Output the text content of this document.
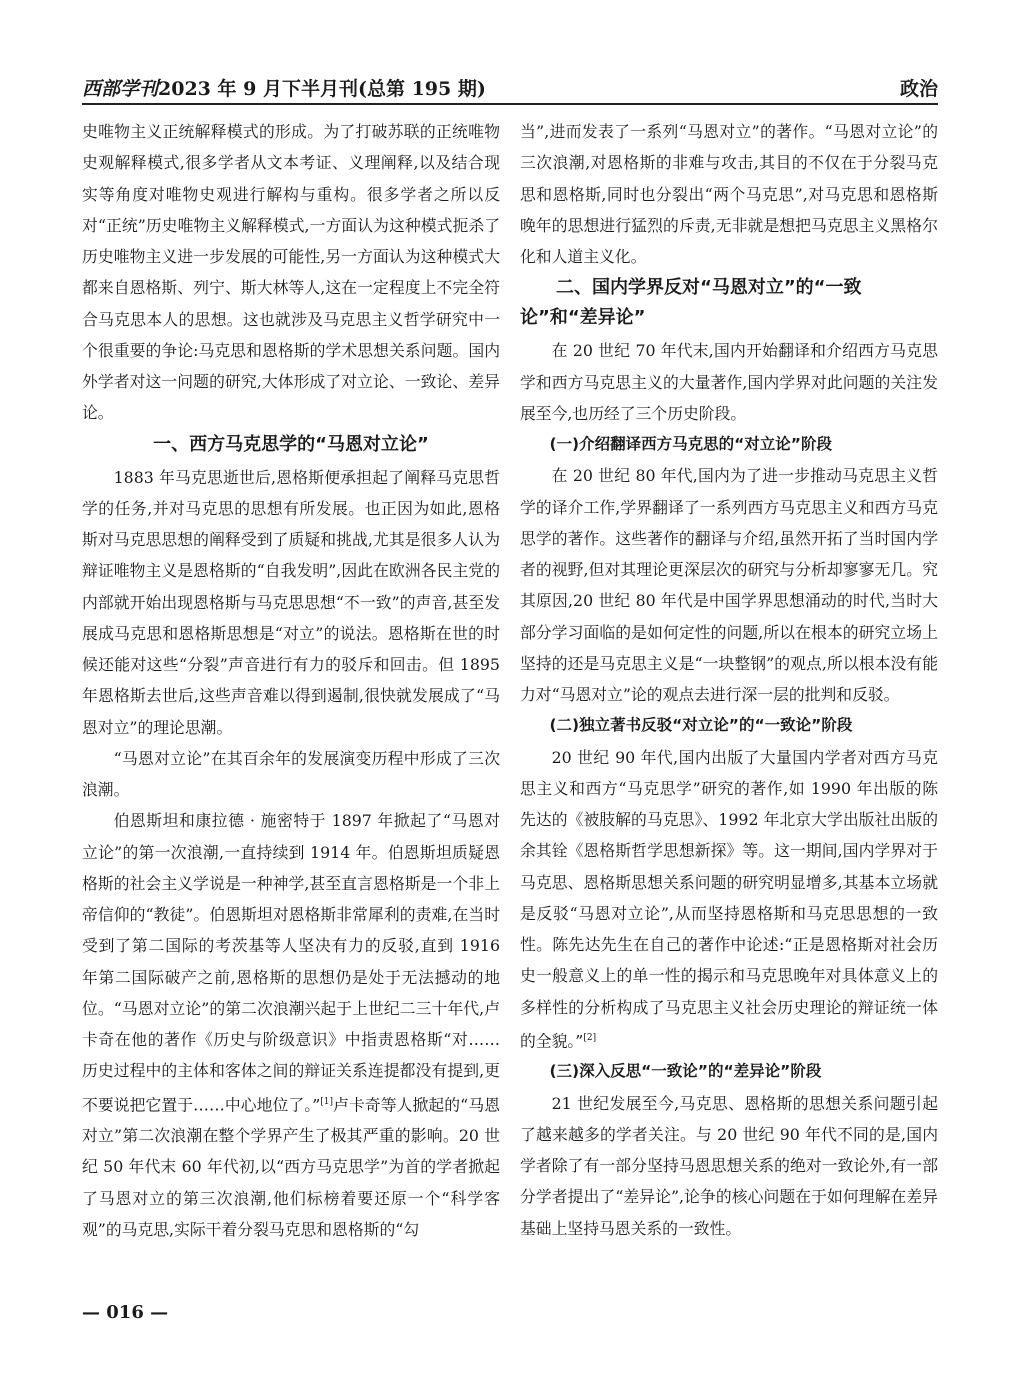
西部学刊2023 年 9 月下半月刊(总第 195 期)	政治

史唯物主义正统解释模式的形成。为了打破苏联的正统唯物史观解释模式,很多学者从文本考证、义理阐释,以及结合现实等角度对唯物史观进行解构与重构。很多学者之所以反对“正统”历史唯物主义解释模式,一方面认为这种模式扼杀了历史唯物主义进一步发展的可能性,另一方面认为这种模式大都来自恩格斯、列宁、斯大林等人,这在一定程度上不完全符合马克思本人的思想。这也就涉及马克思主义哲学研究中一个很重要的争论:马克思和恩格斯的学术思想关系问题。国内外学者对这一问题的研究,大体形成了对立论、一致论、差异论。

一、西方马克思学的“马恩对立论”

1883 年马克思逝世后,恩格斯便承担起了阐释马克思哲学的任务,并对马克思的思想有所发展。也正因为如此,恩格斯对马克思思想的阐释受到了质疑和挑战,尤其是很多人认为辩证唯物主义是恩格斯的“自我发明”,因此在欧洲各民主党的内部就开始出现恩格斯与马克思思想“不一致”的声音,甚至发展成马克思和恩格斯思想是“对立”的说法。恩格斯在世的时候还能对这些“分裂”声音进行有力的驳斥和回击。但 1895 年恩格斯去世后,这些声音难以得到遏制,很快就发展成了“马恩对立”的理论思潮。

“马恩对立论”在其百余年的发展演变历程中形成了三次浪潮。

伯恩斯坦和康拉德 · 施密特于 1897 年掀起了“马恩对立论”的第一次浪潮,一直持续到 1914 年。伯恩斯坦质疑恩格斯的社会主义学说是一种神学,甚至直言恩格斯是一个非上帝信仰的“教徒”。伯恩斯坦对恩格斯非常犀利的责难,在当时受到了第二国际的考茨基等人坚决有力的反驳,直到 1916 年第二国际破产之前,恩格斯的思想仍是处于无法撼动的地位。“马恩对立论”的第二次浪潮兴起于上世纪二三十年代,卢卡奇在他的著作《历史与阶级意识》中指责恩格斯“对……历史过程中的主体和客体之间的辩证关系连提都没有提到,更不要说把它置于……中心地位了。”[1]卢卡奇等人掀起的“马恩对立”第二次浪潮在整个学界产生了极其严重的影响。20 世纪 50 年代末 60 年代初,以“西方马克思学”为首的学者掀起了马恩对立的第三次浪潮,他们标榜着要还原一个“科学客观”的马克思,实际干着分裂马克思和恩格斯的“勾

当”,进而发表了一系列“马恩对立”的著作。“马恩对立论”的三次浪潮,对恩格斯的非难与攻击,其目的不仅在于分裂马克思和恩格斯,同时也分裂出“两个马克思”,对马克思和恩格斯晚年的思想进行猛烈的斥责,无非就是想把马克思主义黑格尔化和人道主义化。

二、国内学界反对“马恩对立”的“一致论”和“差异论”

在 20 世纪 70 年代末,国内开始翻译和介绍西方马克思学和西方马克思主义的大量著作,国内学界对此问题的关注发展至今,也历经了三个历史阶段。

(一)介绍翻译西方马克思的“对立论”阶段

在 20 世纪 80 年代,国内为了进一步推动马克思主义哲学的译介工作,学界翻译了一系列西方马克思主义和西方马克思学的著作。这些著作的翻译与介绍,虽然开拓了当时国内学者的视野,但对其理论更深层次的研究与分析却寥寥无几。究其原因,20 世纪 80 年代是中国学界思想涌动的时代,当时大部分学习面临的是如何定性的问题,所以在根本的研究立场上坚持的还是马克思主义是“一块整钢”的观点,所以根本没有能力对“马恩对立”论的观点去进行深一层的批判和反驳。

(二)独立著书反驳“对立论”的“一致论”阶段

20 世纪 90 年代,国内出版了大量国内学者对西方马克思主义和西方“马克思学”研究的著作,如 1990 年出版的陈先达的《被肢解的马克思》、1992 年北京大学出版社出版的余其铨《恩格斯哲学思想新探》等。这一期间,国内学界对于马克思、恩格斯思想关系问题的研究明显增多,其基本立场就是反驳“马恩对立论”,从而坚持恩格斯和马克思思想的一致性。陈先达先生在自己的著作中论述:“正是恩格斯对社会历史一般意义上的单一性的揭示和马克思晚年对具体意义上的多样性的分析构成了马克思主义社会历史理论的辩证统一体的全貌。”[2]

(三)深入反思“一致论”的“差异论”阶段

21 世纪发展至今,马克思、恩格斯的思想关系问题引起了越来越多的学者关注。与 20 世纪 90 年代不同的是,国内学者除了有一部分坚持马恩思想关系的绝对一致论外,有一部分学者提出了“差异论”,论争的核心问题在于如何理解在差异基础上坚持马恩关系的一致性。

— 016 —
